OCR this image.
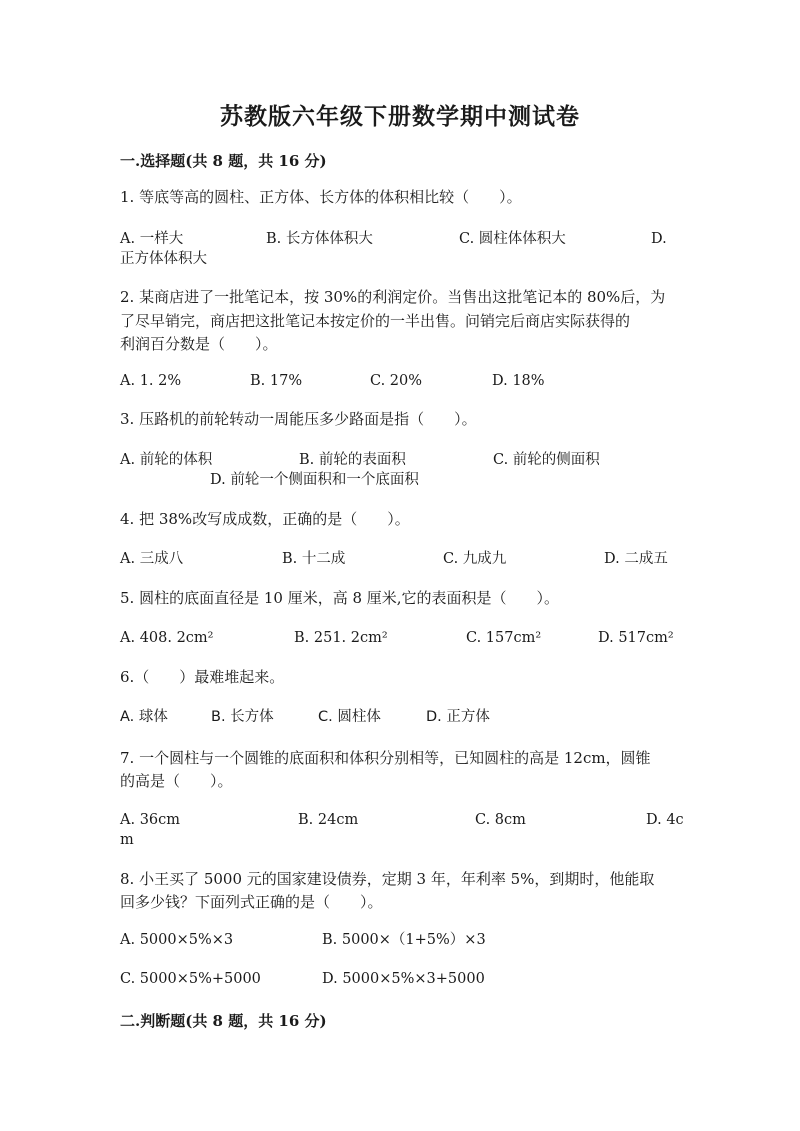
苏教版六年级下册数学期中测试卷
一.选择题(共 8 题，共 16 分)
1. 等底等高的圆柱、正方体、长方体的体积相比较（　　）。
A. 一样大	B. 长方体体积大	C. 圆柱体体积大	D.
正方体体积大
2. 某商店进了一批笔记本，按 30%的利润定价。当售出这批笔记本的 80%后，为
了尽早销完，商店把这批笔记本按定价的一半出售。问销完后商店实际获得的
利润百分数是（　　）。
A. 1. 2%	B. 17%	C. 20%	D. 18%
3. 压路机的前轮转动一周能压多少路面是指（　　）。
A. 前轮的体积	B. 前轮的表面积	C. 前轮的侧面积
D. 前轮一个侧面积和一个底面积
4. 把 38%改写成成数，正确的是（　　）。
A. 三成八	B. 十二成	C. 九成九	D. 二成五
5. 圆柱的底面直径是 10 厘米，高 8 厘米,它的表面积是（　　）。
A. 408. 2cm²	B. 251. 2cm²	C. 157cm²	D. 517cm²
6.（　　）最难堆起来。
A. 球体	B. 长方体	C. 圆柱体	D. 正方体
7. 一个圆柱与一个圆锥的底面积和体积分别相等，已知圆柱的高是 12cm，圆锥
的高是（　　）。
A. 36cm	B. 24cm	C. 8cm	D. 4c
m
8. 小王买了 5000 元的国家建设债券，定期 3 年，年利率 5%，到期时，他能取
回多少钱？下面列式正确的是（　　）。
A. 5000×5%×3	B. 5000×（1+5%）×3
C. 5000×5%+5000	D. 5000×5%×3+5000
二.判断题(共 8 题，共 16 分)
